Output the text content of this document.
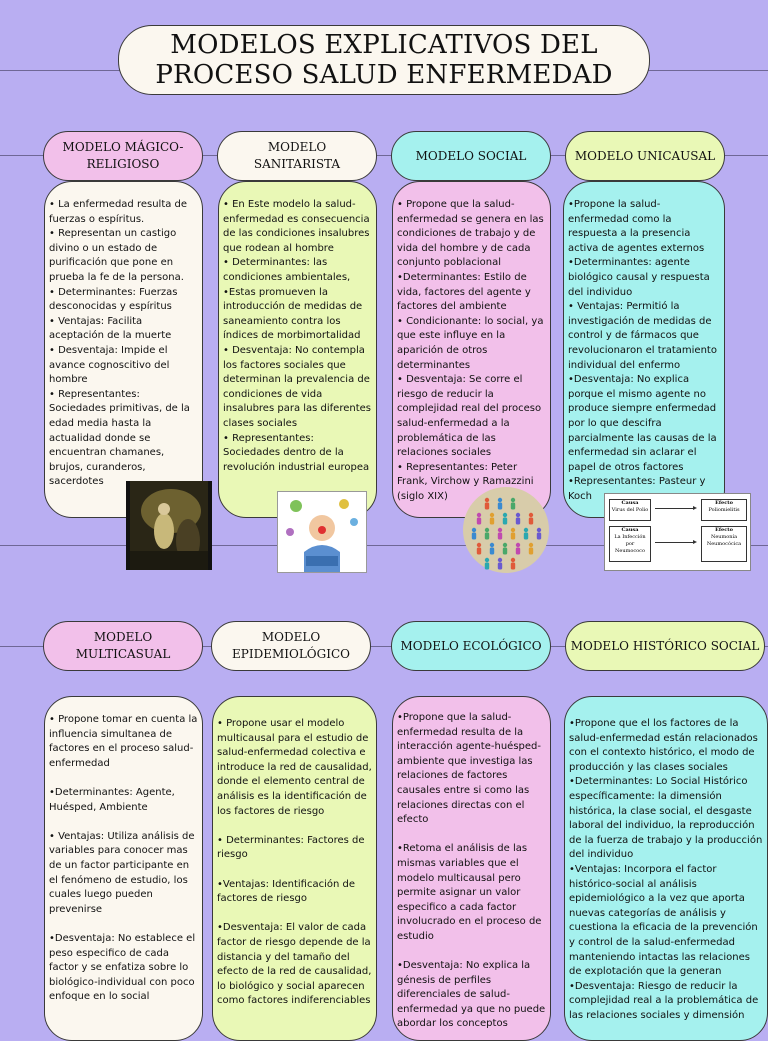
MODELOS EXPLICATIVOS DEL
PROCESO SALUD ENFERMEDAD
MODELO MÁGICO-RELIGIOSO
MODELO SANITARISTA
MODELO SOCIAL	MODELO UNICAUSAL

• La enfermedad resulta de fuerzas o espíritus.

• Representan un castigo divino o un estado de purificación que pone en prueba la fe de la persona.

• Determinantes: Fuerzas desconocidas y espíritus

• Ventajas: Facilita aceptación de la muerte

• Desventaja: Impide el avance cognoscitivo del hombre

• Representantes: Sociedades primitivas, de la edad media hasta la actualidad donde se encuentran chamanes, brujos, curanderos, sacerdotes

• En Este modelo la salud-enfermedad es consecuencia de las condiciones insalubres que rodean al hombre

• Determinantes: las condiciones ambientales,

•Estas promueven la introducción de medidas de saneamiento contra los índices de morbimortalidad

• Desventaja: No contempla los factores sociales que determinan la prevalencia de condiciones de vida insalubres para las diferentes clases sociales

• Representantes: Sociedades dentro de la revolución industrial europea

• Propone que la salud-enfermedad se genera en las condiciones de trabajo y de vida del hombre y de cada conjunto poblacional

•Determinantes: Estilo de vida, factores del agente y factores del ambiente

• Condicionante: lo social, ya que este influye en la aparición de otros determinantes

• Desventaja: Se corre el riesgo de reducir la complejidad real del proceso salud-enfermedad a la problemática de las relaciones sociales

• Representantes: Peter Frank, Virchow y Ramazzini (siglo XIX)

•Propone la salud-enfermedad como la respuesta a la presencia activa de agentes externos

•Determinantes: agente biológico causal y respuesta del individuo

• Ventajas: Permitió la investigación de medidas de control y de fármacos que revolucionaron el tratamiento individual del enfermo

•Desventaja: No explica porque el mismo agente no produce siempre enfermedad por lo que descifra parcialmente las causas de la enfermedad sin aclarar el papel de otros factores

•Representantes: Pasteur y Koch

Causa
Virus del Polio
Efecto
Poliomielitis
Causa
La Infección por Neumococo
Efecto
Neumonía Neumocócica
MODELO MULTICASUAL
MODELO EPIDEMIOLÓGICO
MODELO ECOLÓGICO	MODELO HISTÓRICO SOCIAL

• Propone tomar en cuenta la influencia simultanea de factores en el proceso salud-enfermedad

•Determinantes: Agente, Huésped, Ambiente

• Ventajas: Utiliza análisis de variables para conocer mas de un factor participante en el fenómeno de estudio, los cuales luego pueden prevenirse

•Desventaja: No establece el peso especifico de cada factor y se enfatiza sobre lo biológico-individual con poco enfoque en lo social

• Propone usar el modelo multicausal para el estudio de salud-enfermedad colectiva e introduce la red de causalidad, donde el elemento central de análisis es la identificación de los factores de riesgo

• Determinantes: Factores de riesgo

•Ventajas: Identificación de factores de riesgo

•Desventaja: El valor de cada factor de riesgo depende de la distancia y del tamaño del efecto de la red de causalidad, lo biológico y social aparecen como factores indiferenciables

•Propone que la salud-enfermedad resulta de la interacción agente-huésped-ambiente que investiga las relaciones de factores causales entre si como las relaciones directas con el efecto

•Retoma el análisis de las mismas variables que el modelo multicausal pero permite asignar un valor especifico a cada factor involucrado en el proceso de estudio

•Desventaja: No explica la génesis de perfiles diferenciales de salud-enfermedad ya que no puede abordar los conceptos

•Propone que el los factores de la salud-enfermedad están relacionados con el contexto histórico, el modo de producción y las clases sociales

•Determinantes: Lo Social Histórico específicamente: la dimensión histórica, la clase social, el desgaste laboral del individuo, la reproducción de la fuerza de trabajo y la producción del individuo

•Ventajas: Incorpora el factor histórico-social al análisis epidemiológico a la vez que aporta nuevas categorías de análisis y cuestiona la eficacia de la prevención y control de la salud-enfermedad manteniendo intactas las relaciones de explotación que la generan

•Desventaja: Riesgo de reducir la complejidad real a la problemática de las relaciones sociales y dimensión
